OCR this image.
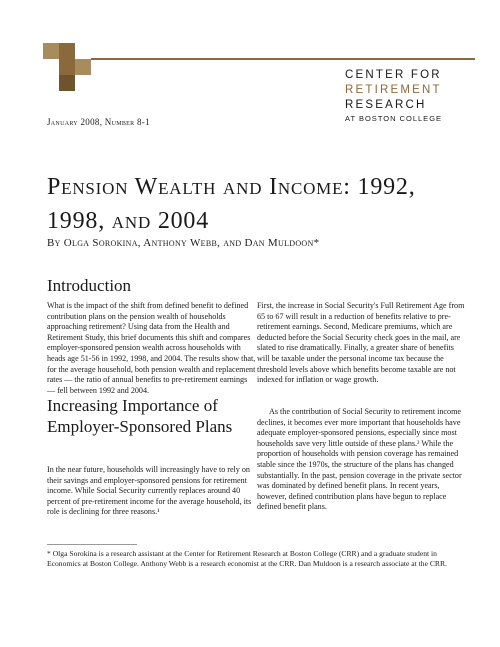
CENTER FOR
RETIREMENT
RESEARCH
AT BOSTON COLLEGE
January 2008, Number 8-1
Pension Wealth and Income: 1992, 1998, and 2004
By Olga Sorokina, Anthony Webb, and Dan Muldoon*
Introduction

What is the impact of the shift from defined benefit to defined contribution plans on the pension wealth of households approaching retirement? Using data from the Health and Retirement Study, this brief documents this shift and compares employer-sponsored pension wealth across households with heads age 51-56 in 1992, 1998, and 2004. The results show that, for the average household, both pension wealth and replacement rates — the ratio of annual benefits to pre-retirement earnings — fell between 1992 and 2004.

Increasing Importance of Employer-Sponsored Plans

In the near future, households will increasingly have to rely on their savings and employer-sponsored pensions for retirement income. While Social Security currently replaces around 40 percent of pre-retirement income for the average household, its role is declining for three reasons.¹

First, the increase in Social Security's Full Retirement Age from 65 to 67 will result in a reduction of benefits relative to pre-retirement earnings. Second, Medicare premiums, which are deducted before the Social Security check goes in the mail, are slated to rise dramatically. Finally, a greater share of benefits will be taxable under the personal income tax because the threshold levels above which benefits become taxable are not indexed for inflation or wage growth.

As the contribution of Social Security to retirement income declines, it becomes ever more important that households have adequate employer-sponsored pensions, especially since most households save very little outside of these plans.² While the proportion of households with pension coverage has remained stable since the 1970s, the structure of the plans has changed substantially. In the past, pension coverage in the private sector was dominated by defined benefit plans. In recent years, however, defined contribution plans have begun to replace defined benefit plans.

* Olga Sorokina is a research assistant at the Center for Retirement Research at Boston College (CRR) and a graduate student in Economics at Boston College. Anthony Webb is a research economist at the CRR. Dan Muldoon is a research associate at the CRR.
